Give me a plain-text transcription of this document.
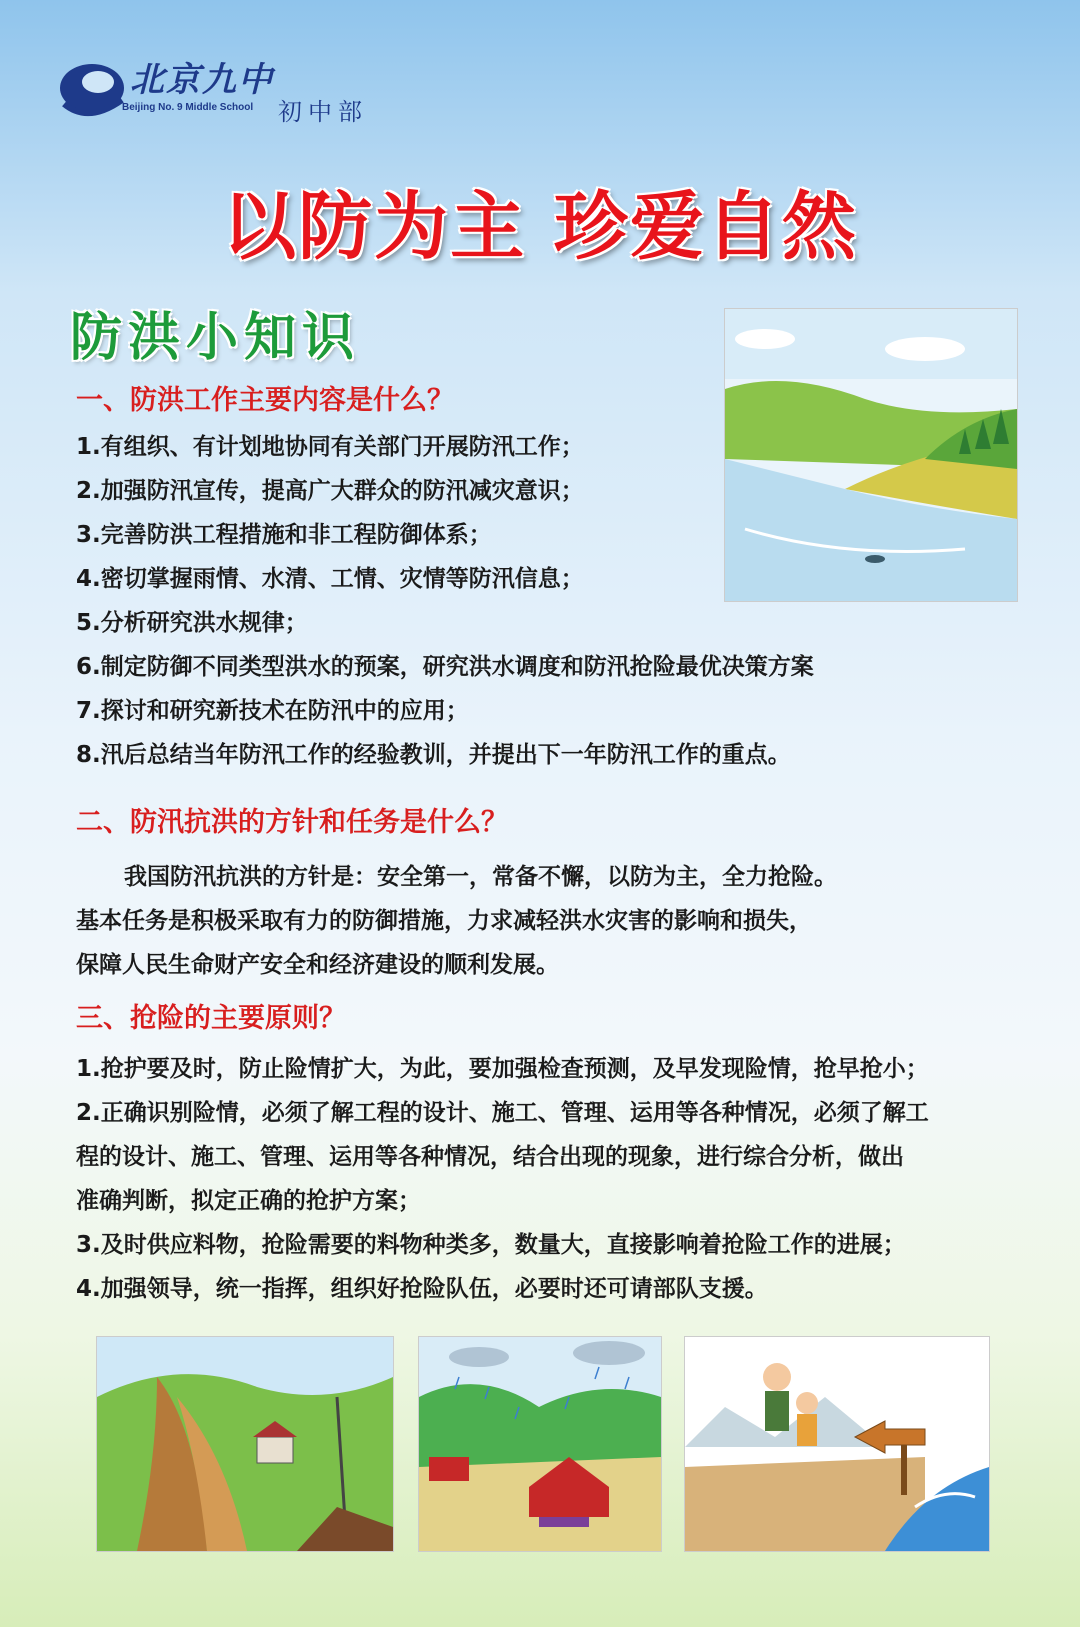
北京九中
Beijing No. 9 Middle School 初中部
以防为主 珍爱自然
防洪小知识
一、防洪工作主要内容是什么？
1.有组织、有计划地协同有关部门开展防汛工作；
2.加强防汛宣传，提高广大群众的防汛减灾意识；
3.完善防洪工程措施和非工程防御体系；
4.密切掌握雨情、水清、工情、灾情等防汛信息；
5.分析研究洪水规律；
6.制定防御不同类型洪水的预案，研究洪水调度和防汛抢险最优决策方案
7.探讨和研究新技术在防汛中的应用；
8.汛后总结当年防汛工作的经验教训，并提出下一年防汛工作的重点。
二、防汛抗洪的方针和任务是什么？
我国防汛抗洪的方针是：安全第一，常备不懈，以防为主，全力抢险。
基本任务是积极采取有力的防御措施，力求减轻洪水灾害的影响和损失，
保障人民生命财产安全和经济建设的顺利发展。
三、抢险的主要原则？
1.抢护要及时，防止险情扩大，为此，要加强检查预测，及早发现险情，抢早抢小；
2.正确识别险情，必须了解工程的设计、施工、管理、运用等各种情况，必须了解工
程的设计、施工、管理、运用等各种情况，结合出现的现象，进行综合分析，做出
准确判断，拟定正确的抢护方案；
3.及时供应料物，抢险需要的料物种类多，数量大，直接影响着抢险工作的进展；
4.加强领导，统一指挥，组织好抢险队伍，必要时还可请部队支援。
